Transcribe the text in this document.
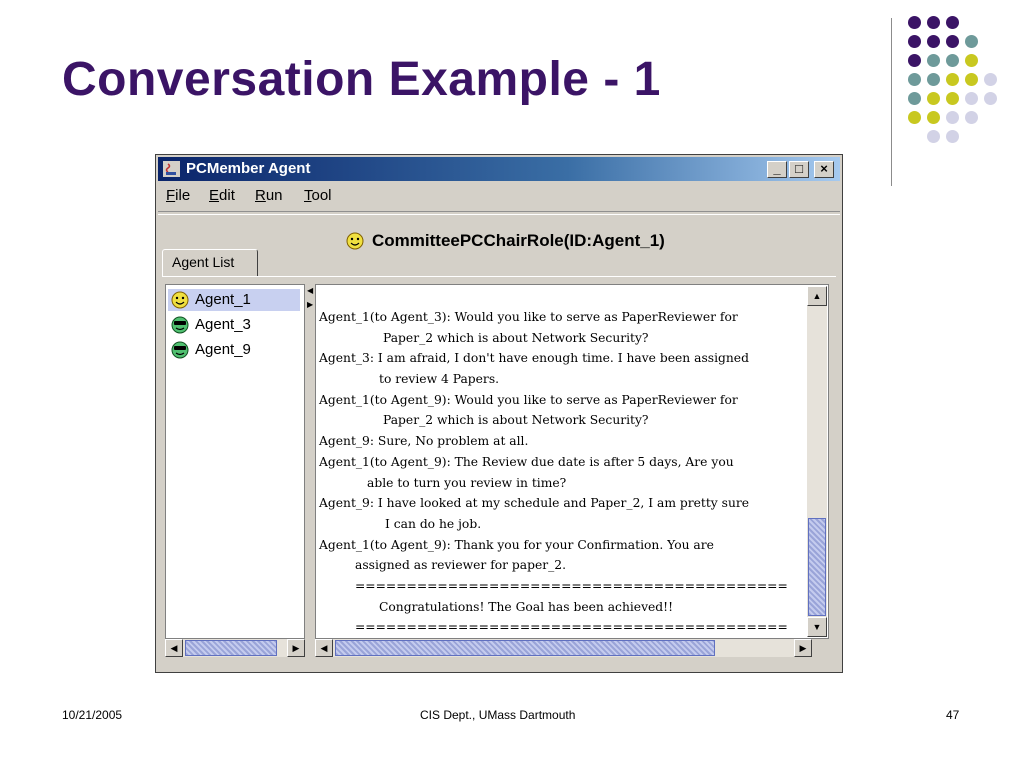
Conversation Example - 1
PCMember Agent	_	□	×
File Edit Run Tool
CommitteePCChairRole(ID:Agent_1)
Agent List
Agent_1
Agent_3
Agent_9
◀
▶
Agent_1(to Agent_3): Would you like to serve as PaperReviewer for
Paper_2 which is about Network Security?
Agent_3: I am afraid, I don't have enough time. I have been assigned
to review 4 Papers.
Agent_1(to Agent_9): Would you like to serve as PaperReviewer for
Paper_2 which is about Network Security?
Agent_9: Sure, No problem at all.
Agent_1(to Agent_9): The Review due date is after 5 days, Are you
able to turn you review in time?
Agent_9: I have looked at my schedule and Paper_2, I am pretty sure
I can do he job.
Agent_1(to Agent_9): Thank you for your Confirmation. You are
assigned as reviewer for paper_2.
==========================================
Congratulations! The Goal has been achieved!!
==========================================
▲
▼
◀	▶	◀	▶
10/21/2005	CIS Dept., UMass Dartmouth	47
